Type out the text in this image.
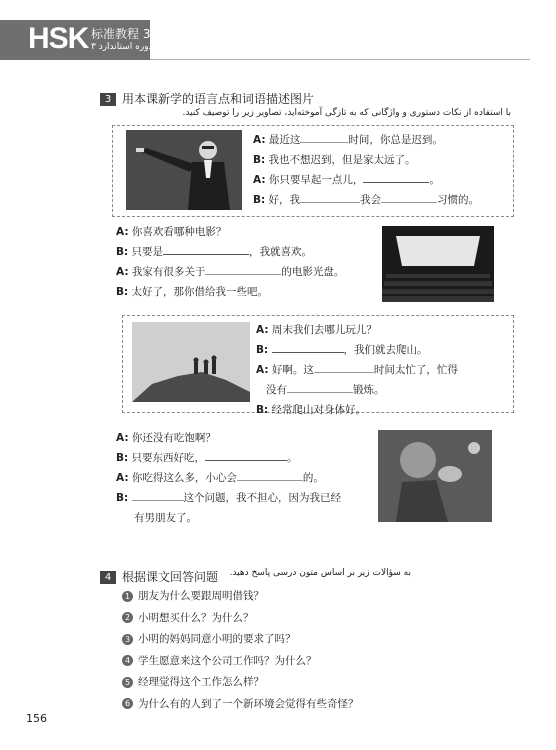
HSK 标准教程 3
دوره استاندارد ۳
3 用本课新学的语言点和词语描述图片
با استفاده از نکات دستوری و واژگانی که به تازگی آموخته‌اید، تصاویر زیر را توصیف کنید.
A: 最近这	时间，你总是迟到。
B: 我也不想迟到，但是家太远了。
A: 你只要早起一点儿，	。
B: 好，我	我会	习惯的。
A: 你喜欢看哪种电影？
B: 只要是	，我就喜欢。
A: 我家有很多关于	的电影光盘。
B: 太好了，那你借给我一些吧。
A: 周末我们去哪儿玩儿？
B:	，我们就去爬山。
A: 好啊。这	时间太忙了，忙得
没有	锻炼。
B: 经常爬山对身体好。
A: 你还没有吃饱啊？
B: 只要东西好吃，	。
A: 你吃得这么多，小心会	的。
B:	这个问题，我不担心，因为我已经
有男朋友了。
4 根据课文回答问题	به سؤالات زیر بر اساس متون درسی پاسخ دهید.
1 朋友为什么要跟周明借钱？
2 小明想买什么？为什么？
3 小明的妈妈同意小明的要求了吗？
4 学生愿意来这个公司工作吗？为什么？
5 经理觉得这个工作怎么样？
6 为什么有的人到了一个新环境会觉得有些奇怪？
156
